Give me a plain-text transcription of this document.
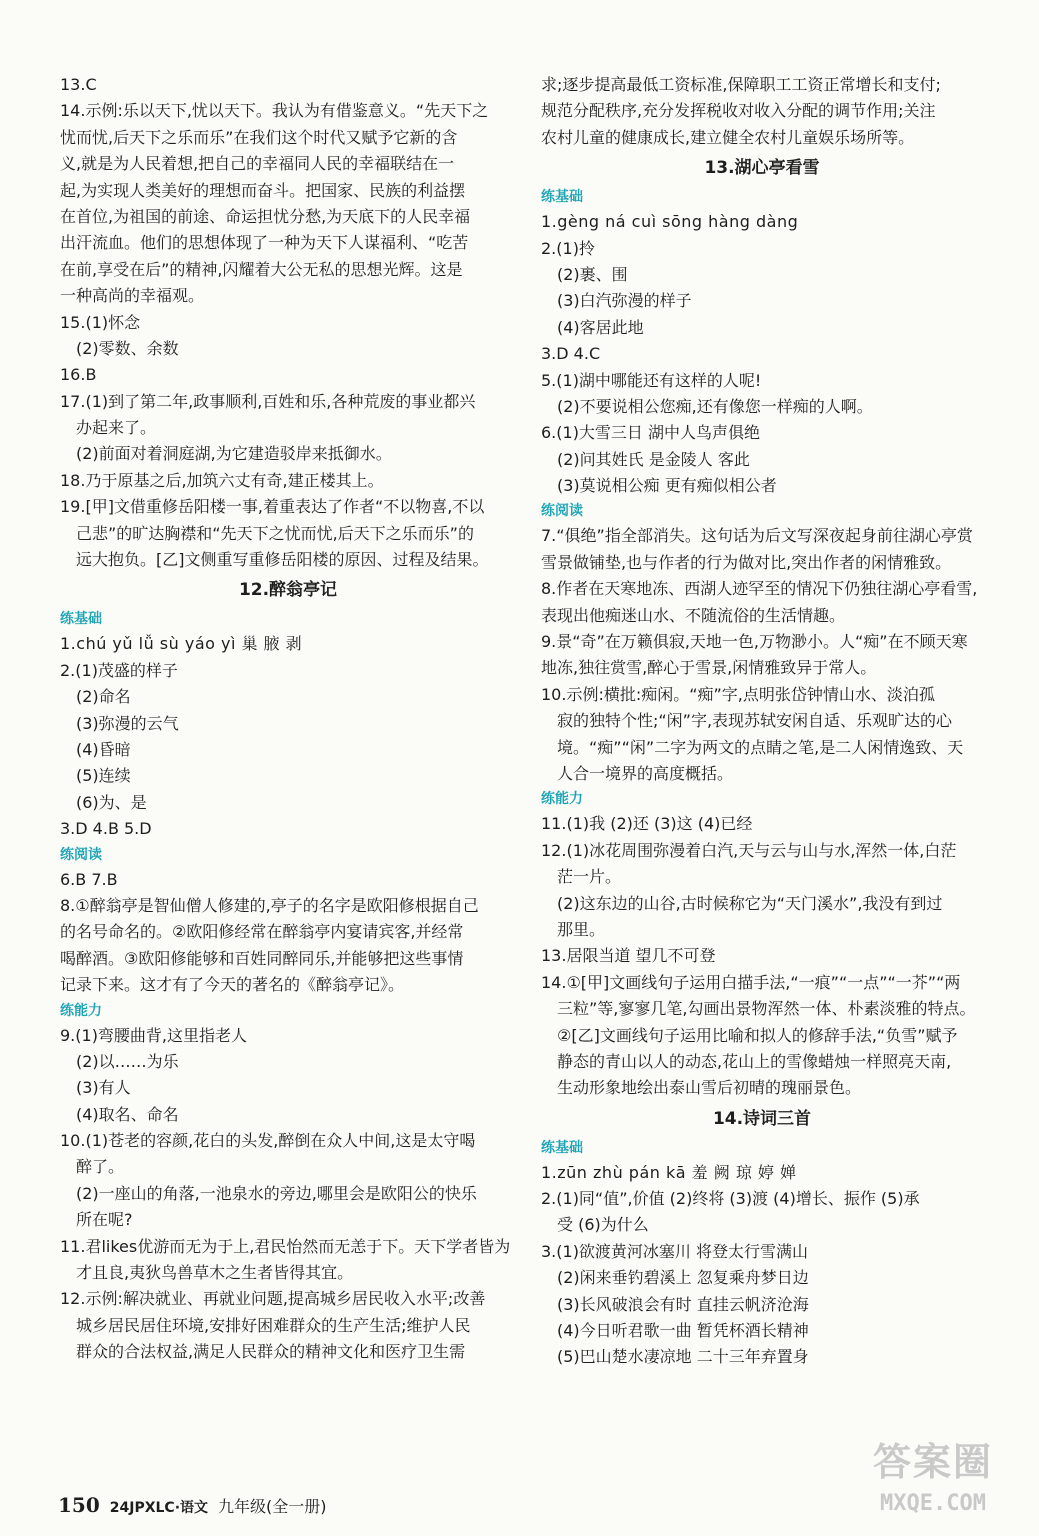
13.C
14.示例:乐以天下,忧以天下。我认为有借鉴意义。“先天下之
忧而忧,后天下之乐而乐”在我们这个时代又赋予它新的含
义,就是为人民着想,把自己的幸福同人民的幸福联结在一
起,为实现人类美好的理想而奋斗。把国家、民族的利益摆
在首位,为祖国的前途、命运担忧分愁,为天底下的人民幸福
出汗流血。他们的思想体现了一种为天下人谋福利、“吃苦
在前,享受在后”的精神,闪耀着大公无私的思想光辉。这是
一种高尚的幸福观。
15.(1)怀念
(2)零数、余数
16.B
17.(1)到了第二年,政事顺利,百姓和乐,各种荒废的事业都兴
办起来了。
(2)前面对着洞庭湖,为它建造驳岸来抵御水。
18.乃于原基之后,加筑六丈有奇,建正楼其上。
19.[甲]文借重修岳阳楼一事,着重表达了作者“不以物喜,不以
己悲”的旷达胸襟和“先天下之忧而忧,后天下之乐而乐”的
远大抱负。[乙]文侧重写重修岳阳楼的原因、过程及结果。
12.醉翁亭记
练基础
1.chú yǔ lǚ sù yáo yì 巢 腋 剥
2.(1)茂盛的样子
(2)命名
(3)弥漫的云气
(4)昏暗
(5)连续
(6)为、是
3.D 4.B 5.D
练阅读
6.B 7.B
8.①醉翁亭是智仙僧人修建的,亭子的名字是欧阳修根据自己
的名号命名的。②欧阳修经常在醉翁亭内宴请宾客,并经常
喝醉酒。③欧阳修能够和百姓同醉同乐,并能够把这些事情
记录下来。这才有了今天的著名的《醉翁亭记》。
练能力
9.(1)弯腰曲背,这里指老人
(2)以……为乐
(3)有人
(4)取名、命名
10.(1)苍老的容颜,花白的头发,醉倒在众人中间,这是太守喝
醉了。
(2)一座山的角落,一池泉水的旁边,哪里会是欧阳公的快乐
所在呢?
11.君likes优游而无为于上,君民怡然而无恙于下。天下学者皆为
才且良,夷狄鸟兽草木之生者皆得其宜。
12.示例:解决就业、再就业问题,提高城乡居民收入水平;改善
城乡居民居住环境,安排好困难群众的生产生活;维护人民
群众的合法权益,满足人民群众的精神文化和医疗卫生需
求;逐步提高最低工资标准,保障职工工资正常增长和支付;
规范分配秩序,充分发挥税收对收入分配的调节作用;关注
农村儿童的健康成长,建立健全农村儿童娱乐场所等。
13.湖心亭看雪
练基础
1.gèng ná cuì sōng hàng dàng
2.(1)拎
(2)裹、围
(3)白汽弥漫的样子
(4)客居此地
3.D 4.C
5.(1)湖中哪能还有这样的人呢!
(2)不要说相公您痴,还有像您一样痴的人啊。
6.(1)大雪三日 湖中人鸟声俱绝
(2)问其姓氏 是金陵人 客此
(3)莫说相公痴 更有痴似相公者
练阅读
7.“俱绝”指全部消失。这句话为后文写深夜起身前往湖心亭赏
雪景做铺垫,也与作者的行为做对比,突出作者的闲情雅致。
8.作者在天寒地冻、西湖人迹罕至的情况下仍独往湖心亭看雪,
表现出他痴迷山水、不随流俗的生活情趣。
9.景“奇”在万籁俱寂,天地一色,万物渺小。人“痴”在不顾天寒
地冻,独往赏雪,醉心于雪景,闲情雅致异于常人。
10.示例:横批:痴闲。“痴”字,点明张岱钟情山水、淡泊孤
寂的独特个性;“闲”字,表现苏轼安闲自适、乐观旷达的心
境。“痴”“闲”二字为两文的点睛之笔,是二人闲情逸致、天
人合一境界的高度概括。
练能力
11.(1)我 (2)还 (3)这 (4)已经
12.(1)冰花周围弥漫着白汽,天与云与山与水,浑然一体,白茫
茫一片。
(2)这东边的山谷,古时候称它为“天门溪水”,我没有到过
那里。
13.居限当道 望几不可登
14.①[甲]文画线句子运用白描手法,“一痕”“一点”“一芥”“两
三粒”等,寥寥几笔,勾画出景物浑然一体、朴素淡雅的特点。
②[乙]文画线句子运用比喻和拟人的修辞手法,“负雪”赋予
静态的青山以人的动态,花山上的雪像蜡烛一样照亮天南,
生动形象地绘出泰山雪后初晴的瑰丽景色。
14.诗词三首
练基础
1.zūn zhù pán kā 羞 阙 琼 婷 婵
2.(1)同“值”,价值 (2)终将 (3)渡 (4)增长、振作 (5)承
受 (6)为什么
3.(1)欲渡黄河冰塞川 将登太行雪满山
(2)闲来垂钓碧溪上 忽复乘舟梦日边
(3)长风破浪会有时 直挂云帆济沧海
(4)今日听君歌一曲 暂凭杯酒长精神
(5)巴山楚水凄凉地 二十三年弃置身
150 24JPXLC·语文 九年级(全一册)
答案圈
MXQE.COM
